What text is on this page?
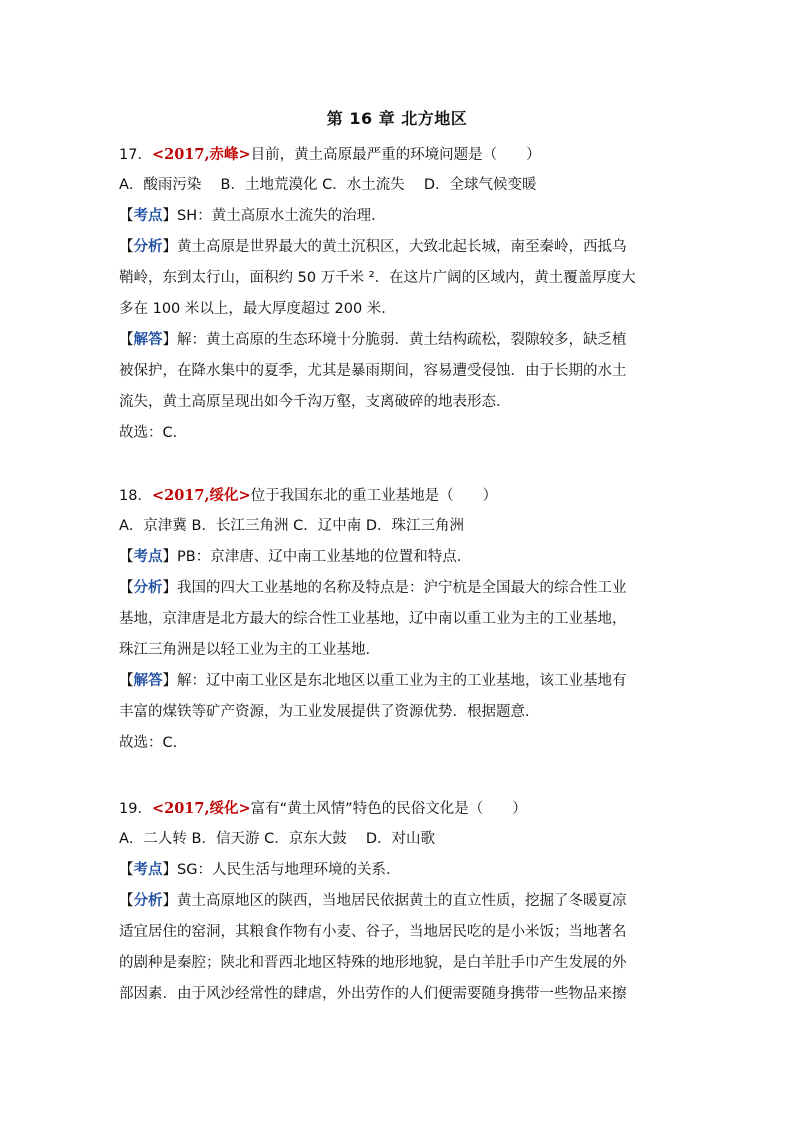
第 16 章 北方地区
17．<2017,赤峰>目前，黄土高原最严重的环境问题是（　　）
A．酸雨污染　 B．土地荒漠化 C．水土流失　 D．全球气候变暖
【考点】SH：黄土高原水土流失的治理．
【分析】黄土高原是世界最大的黄土沉积区，大致北起长城，南至秦岭，西抵乌
鞘岭，东到太行山，面积约 50 万千米 ²．在这片广阔的区域内，黄土覆盖厚度大
多在 100 米以上，最大厚度超过 200 米．
【解答】解：黄土高原的生态环境十分脆弱．黄土结构疏松，裂隙较多，缺乏植
被保护，在降水集中的夏季，尤其是暴雨期间，容易遭受侵蚀．由于长期的水土
流失，黄土高原呈现出如今千沟万壑，支离破碎的地表形态．
故选：C．
18．<2017,绥化>位于我国东北的重工业基地是（　　）
A．京津冀 B．长江三角洲 C．辽中南 D．珠江三角洲
【考点】PB：京津唐、辽中南工业基地的位置和特点．
【分析】我国的四大工业基地的名称及特点是：沪宁杭是全国最大的综合性工业
基地，京津唐是北方最大的综合性工业基地，辽中南以重工业为主的工业基地，
珠江三角洲是以轻工业为主的工业基地．
【解答】解：辽中南工业区是东北地区以重工业为主的工业基地，该工业基地有
丰富的煤铁等矿产资源，为工业发展提供了资源优势．根据题意．
故选：C．
19．<2017,绥化>富有“黄土风情”特色的民俗文化是（　　）
A．二人转 B．信天游 C．京东大鼓　 D．对山歌
【考点】SG：人民生活与地理环境的关系．
【分析】黄土高原地区的陕西，当地居民依据黄土的直立性质，挖掘了冬暖夏凉
适宜居住的窑洞，其粮食作物有小麦、谷子，当地居民吃的是小米饭；当地著名
的剧种是秦腔；陕北和晋西北地区特殊的地形地貌，是白羊肚手巾产生发展的外
部因素．由于风沙经常性的肆虐，外出劳作的人们便需要随身携带一些物品来擦
